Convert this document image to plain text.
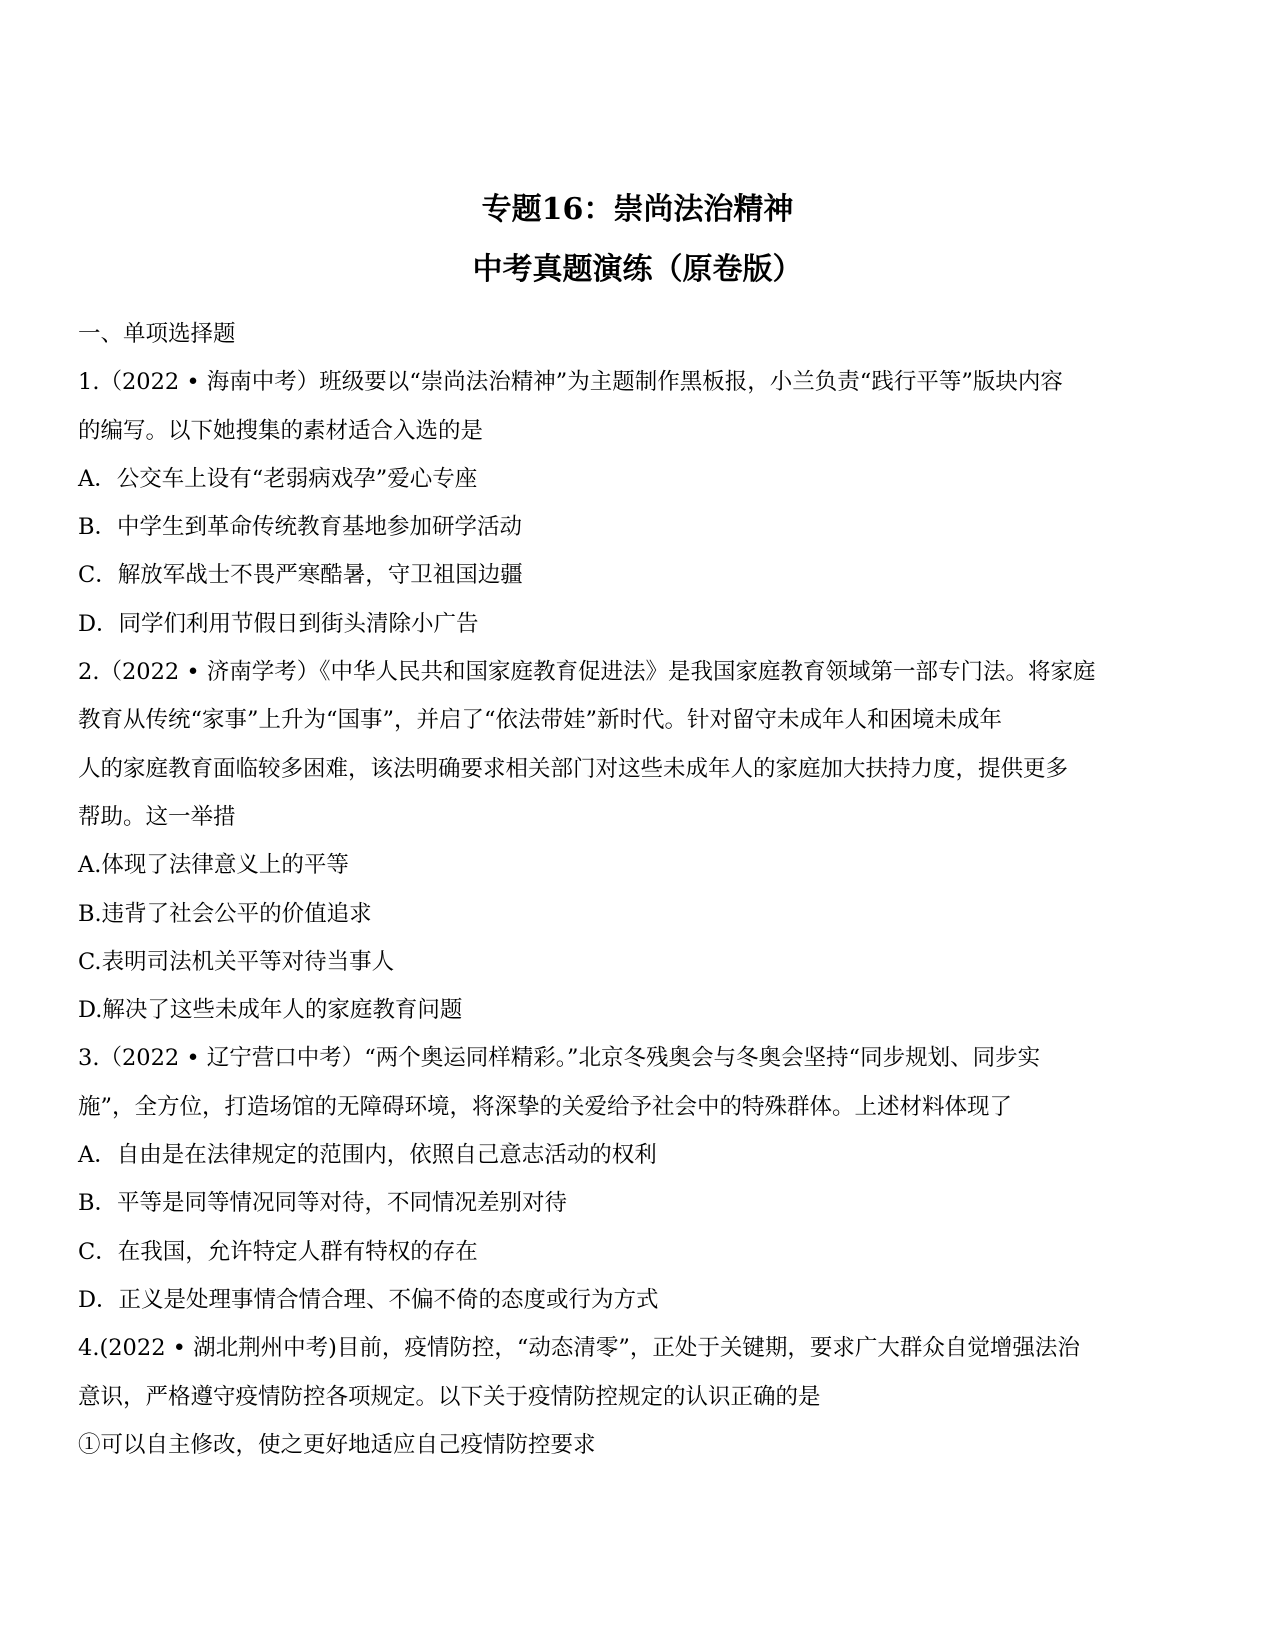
专题16：崇尚法治精神
中考真题演练（原卷版）
一、单项选择题
1.（2022 • 海南中考）班级要以“崇尚法治精神”为主题制作黑板报，小兰负责“践行平等”版块内容
的编写。以下她搜集的素材适合入选的是
A．公交车上设有“老弱病戏孕”爱心专座
B．中学生到革命传统教育基地参加研学活动
C．解放军战士不畏严寒酷暑，守卫祖国边疆
D．同学们利用节假日到街头清除小广告
2.（2022 • 济南学考）《中华人民共和国家庭教育促进法》是我国家庭教育领域第一部专门法。将家庭
教育从传统“家事”上升为“国事”，并启了“依法带娃”新时代。针对留守未成年人和困境未成年
人的家庭教育面临较多困难，该法明确要求相关部门对这些未成年人的家庭加大扶持力度，提供更多
帮助。这一举措
A.体现了法律意义上的平等
B.违背了社会公平的价值追求
C.表明司法机关平等对待当事人
D.解决了这些未成年人的家庭教育问题
3.（2022 • 辽宁营口中考）“两个奥运同样精彩。”北京冬残奥会与冬奥会坚持“同步规划、同步实
施”，全方位，打造场馆的无障碍环境，将深挚的关爱给予社会中的特殊群体。上述材料体现了
A．自由是在法律规定的范围内，依照自己意志活动的权利
B．平等是同等情况同等对待，不同情况差别对待
C．在我国，允许特定人群有特权的存在
D．正义是处理事情合情合理、不偏不倚的态度或行为方式
4.(2022 • 湖北荆州中考)目前，疫情防控，“动态清零”，正处于关键期，要求广大群众自觉增强法治
意识，严格遵守疫情防控各项规定。以下关于疫情防控规定的认识正确的是
①可以自主修改，使之更好地适应自己疫情防控要求
